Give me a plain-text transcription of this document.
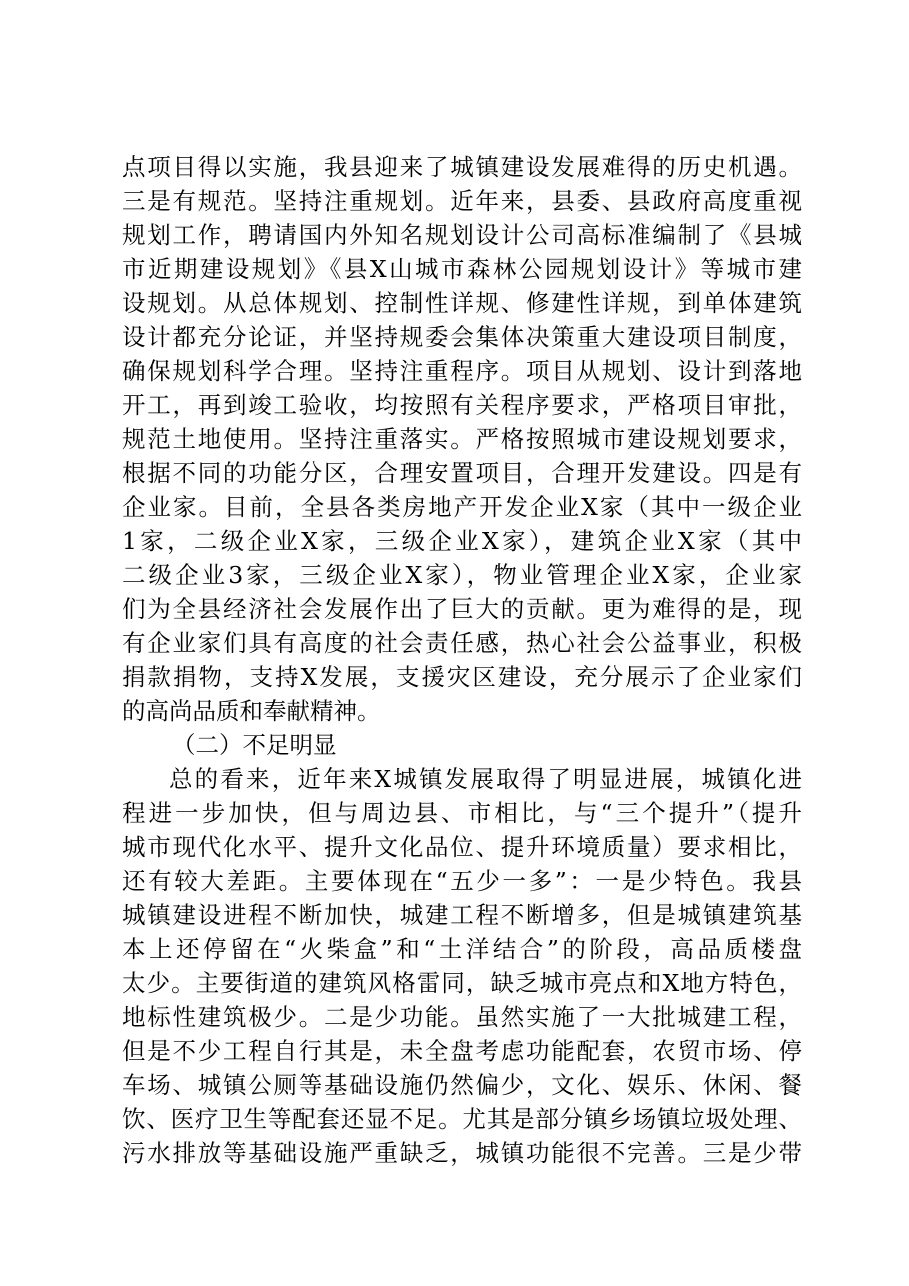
点项目得以实施，我县迎来了城镇建设发展难得的历史机遇。
三是有规范。坚持注重规划。近年来，县委、县政府高度重视
规划工作，聘请国内外知名规划设计公司高标准编制了《县城
市近期建设规划》《县X山城市森林公园规划设计》等城市建
设规划。从总体规划、控制性详规、修建性详规，到单体建筑
设计都充分论证，并坚持规委会集体决策重大建设项目制度，
确保规划科学合理。坚持注重程序。项目从规划、设计到落地
开工，再到竣工验收，均按照有关程序要求，严格项目审批，
规范土地使用。坚持注重落实。严格按照城市建设规划要求，
根据不同的功能分区，合理安置项目，合理开发建设。四是有
企业家。目前，全县各类房地产开发企业X家（其中一级企业
1家，二级企业X家，三级企业X家），建筑企业X家（其中
二级企业3家，三级企业X家），物业管理企业X家，企业家
们为全县经济社会发展作出了巨大的贡献。更为难得的是，现
有企业家们具有高度的社会责任感，热心社会公益事业，积极
捐款捐物，支持X发展，支援灾区建设，充分展示了企业家们
的高尚品质和奉献精神。
（二）不足明显
总的看来，近年来X城镇发展取得了明显进展，城镇化进
程进一步加快，但与周边县、市相比，与“三个提升”（提升
城市现代化水平、提升文化品位、提升环境质量）要求相比，
还有较大差距。主要体现在“五少一多”：一是少特色。我县
城镇建设进程不断加快，城建工程不断增多，但是城镇建筑基
本上还停留在“火柴盒”和“土洋结合”的阶段，高品质楼盘
太少。主要街道的建筑风格雷同，缺乏城市亮点和X地方特色，
地标性建筑极少。二是少功能。虽然实施了一大批城建工程，
但是不少工程自行其是，未全盘考虑功能配套，农贸市场、停
车场、城镇公厕等基础设施仍然偏少，文化、娱乐、休闲、餐
饮、医疗卫生等配套还显不足。尤其是部分镇乡场镇垃圾处理、
污水排放等基础设施严重缺乏，城镇功能很不完善。三是少带
